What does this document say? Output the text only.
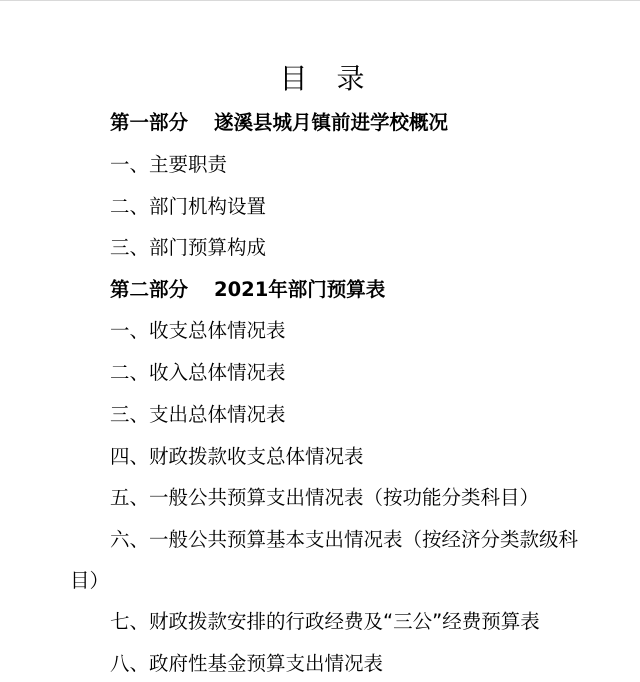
目 录
第一部分 遂溪县城月镇前进学校概况
一、主要职责
二、部门机构设置
三、部门预算构成
第二部分 2021年部门预算表
一、收支总体情况表
二、收入总体情况表
三、支出总体情况表
四、财政拨款收支总体情况表
五、一般公共预算支出情况表（按功能分类科目）
六、一般公共预算基本支出情况表（按经济分类款级科
目）
七、财政拨款安排的行政经费及“三公”经费预算表
八、政府性基金预算支出情况表
